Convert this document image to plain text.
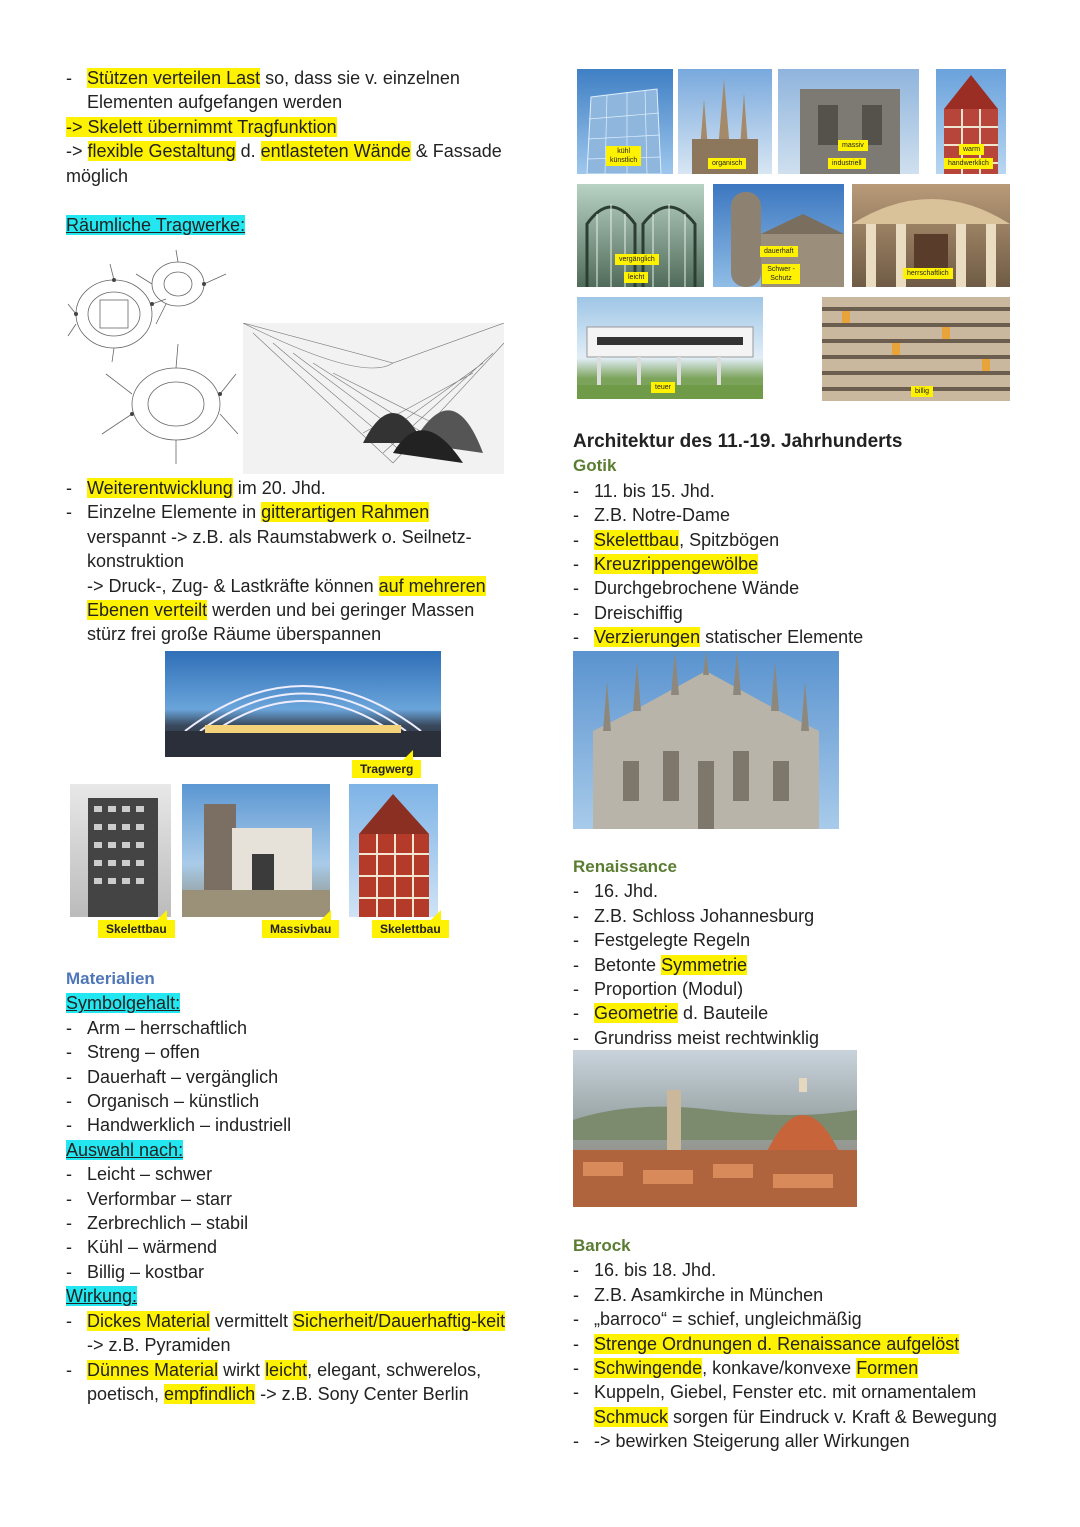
- Stützen verteilen Last so, dass sie v. einzelnen Elementen aufgefangen werden
-> Skelett übernimmt Tragfunktion
-> flexible Gestaltung d. entlasteten Wände & Fassade möglich
Räumliche Tragwerke:
- Weiterentwicklung im 20. Jhd.
- Einzelne Elemente in gitterartigen Rahmen verspannt -> z.B. als Raumstabwerk o. Seilnetz-konstruktion
-> Druck-, Zug- & Lastkräfte können auf mehreren Ebenen verteilt werden und bei geringer Massen stürz frei große Räume überspannen
Tragwerg
Skelettbau	Massivbau	Skelettbau
Materialien
Symbolgehalt:
- Arm – herrschaftlich
- Streng – offen
- Dauerhaft – vergänglich
- Organisch – künstlich
- Handwerklich – industriell
Auswahl nach:
- Leicht – schwer
- Verformbar – starr
- Zerbrechlich – stabil
- Kühl – wärmend
- Billig – kostbar
Wirkung:
- Dickes Material vermittelt Sicherheit/Dauerhaftig-keit -> z.B. Pyramiden
- Dünnes Material wirkt leicht, elegant, schwerelos, poetisch, empfindlich -> z.B. Sony Center Berlin
kühl
künstlich	organisch
massiv
industriell
warm
handwerklich
vergänglich
leicht
dauerhaft
Schwer - Schutz
herrschaftlich
teuer
billig
Architektur des 11.-19. Jahrhunderts
Gotik
- 11. bis 15. Jhd.
- Z.B. Notre-Dame
- Skelettbau, Spitzbögen
- Kreuzrippengewölbe
- Durchgebrochene Wände
- Dreischiffig
- Verzierungen statischer Elemente
Renaissance
- 16. Jhd.
- Z.B. Schloss Johannesburg
- Festgelegte Regeln
- Betonte Symmetrie
- Proportion (Modul)
- Geometrie d. Bauteile
- Grundriss meist rechtwinklig
Barock
- 16. bis 18. Jhd.
- Z.B. Asamkirche in München
- „barroco“ = schief, ungleichmäßig
- Strenge Ordnungen d. Renaissance aufgelöst
- Schwingende, konkave/konvexe Formen
- Kuppeln, Giebel, Fenster etc. mit ornamentalem Schmuck sorgen für Eindruck v. Kraft & Bewegung
- -> bewirken Steigerung aller Wirkungen
